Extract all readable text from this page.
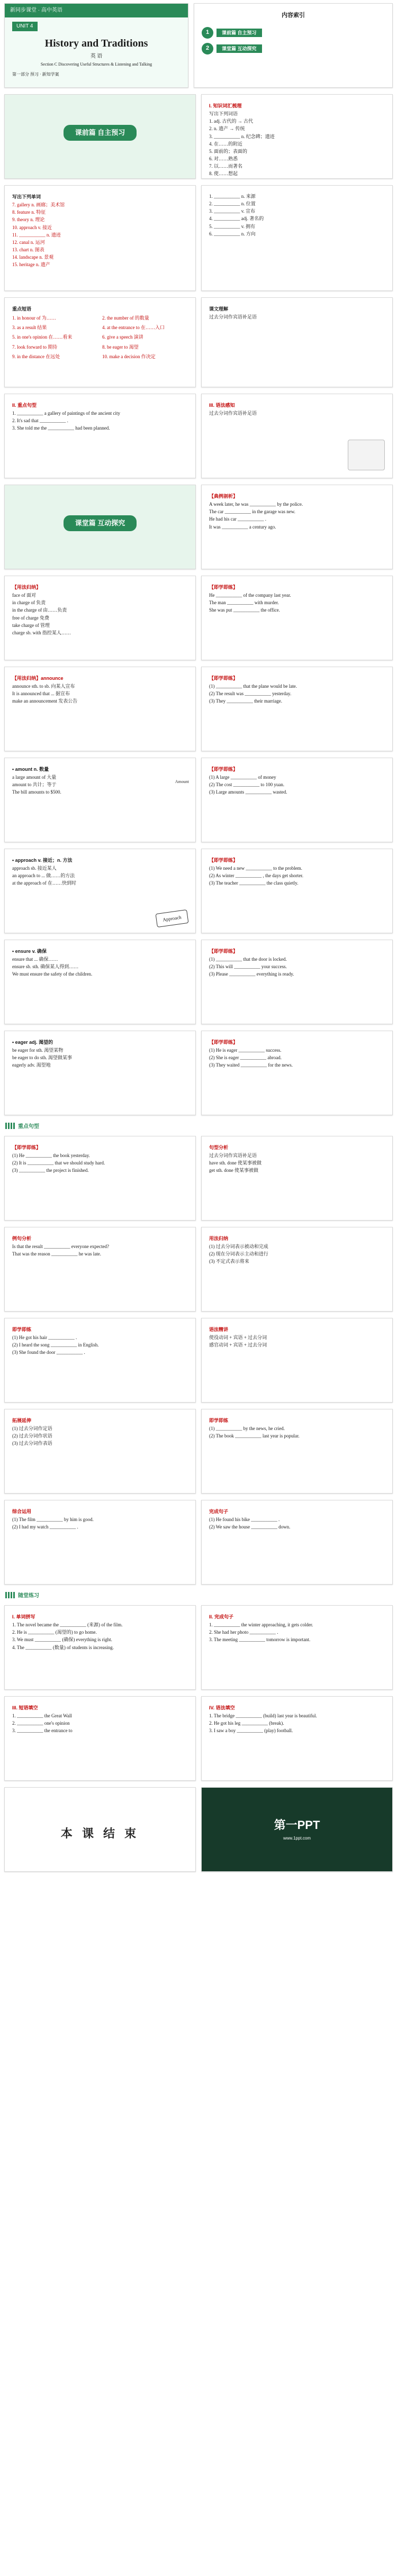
新同步课堂 · 高中英语
UNIT 4
History and Traditions
英 语
Section C Discovering Useful Structures & Listening and Talking
第一部分 预习 · 新知学案
内容索引
1	课前篇 自主预习
2	课堂篇 互动探究
课前篇 自主预习
I. 知识词汇梳理
写出下列词语
1. adj. 古代的 → 古代
2. n. 遗产 → 传统
3. ___________ n. 纪念碑；遗迹
4. 在……的附近
5. 面前的；表面的
6. 对……熟悉
7. 以……而著名
8. 使……想起
写出下列单词
7. gallery n. 画廊；美术馆
8. feature n. 特征
9. theory n. 理论
10. approach v. 接近
11. ___________ n. 遗迹
12. canal n. 运河
13. chart n. 图表
14. landscape n. 景观
15. heritage n. 遗产
1. ___________ n. 来源
2. ___________ n. 位置
3. ___________ v. 宣布
4. ___________ adj. 著名的
5. ___________ v. 拥有
6. ___________ n. 方向
重点短语
1. in honour of 为……	2. the number of 的数量
3. as a result 结果	4. at the entrance to 在……入口
5. in one's opinion 在……看来	6. give a speech 演讲
7. look forward to 期待	8. be eager to 渴望
9. in the distance 在远处	10. make a decision 作决定
课文理解
过去分词作宾语补足语
II. 重点句型
1. ___________ a gallery of paintings of the ancient city
2. It's sad that ___________ .
3. She told me the ___________ had been planned.
III. 语法感知
过去分词作宾语补足语
课堂篇 互动探究
【典例剖析】
A week later, he was ___________ by the police.
The car ___________ in the garage was new.
He had his car ___________ .
It was ___________ a century ago.
【用法归纳】
face of 面对
in charge of 负责
in the charge of 由……负责
free of charge 免费
take charge of 管理
charge sb. with 指控某人……
【即学即练】
He ___________ of the company last year.
The man ___________ with murder.
She was put ___________ the office.
【用法归纳】announce
announce sth. to sb. 向某人宣布
It is announced that ... 据宣布
make an announcement 发表公告
【即学即练】
(1) ___________ that the plane would be late.
(2) The result was ___________ yesterday.
(3) They ___________ their marriage.
• amount n. 数量
a large amount of 大量
amount to 共计；等于
The bill amounts to $500.
Amount
【即学即练】
(1) A large ___________ of money
(2) The cost ___________ to 100 yuan.
(3) Large amounts ___________ wasted.
• approach v. 接近；n. 方法
approach sb. 接近某人
an approach to ... 做……的方法
at the approach of 在……快到时
Approach
【即学即练】
(1) We need a new ___________ to the problem.
(2) As winter ___________ , the days get shorter.
(3) The teacher ___________ the class quietly.
• ensure v. 确保
ensure that ... 确保……
ensure sb. sth. 确保某人得到……
We must ensure the safety of the children.
【即学即练】
(1) ___________ that the door is locked.
(2) This will ___________ your success.
(3) Please ___________ everything is ready.
• eager adj. 渴望的
be eager for sth. 渴望某物
be eager to do sth. 渴望做某事
eagerly adv. 渴望地
【即学即练】
(1) He is eager ___________ success.
(2) She is eager ___________ abroad.
(3) They waited ___________ for the news.
重点句型
【即学即练】
(1) He ___________ the book yesterday.
(2) It is ___________ that we should study hard.
(3) ___________ the project is finished.
句型分析
过去分词作宾语补足语
have sth. done 使某事被做
get sth. done 使某事被做
例句分析
Is that the result ___________ everyone expected?
That was the reason ___________ he was late.
用法归纳
(1) 过去分词表示被动和完成
(2) 现在分词表示主动和进行
(3) 不定式表示将来
即学即练
(1) He got his hair ___________ .
(2) I heard the song ___________ in English.
(3) She found the door ___________ .
语法精讲
使役动词 + 宾语 + 过去分词
感官动词 + 宾语 + 过去分词
拓展延伸
(1) 过去分词作定语
(2) 过去分词作状语
(3) 过去分词作表语
即学即练
(1) ___________ by the news, he cried.
(2) The book ___________ last year is popular.
综合运用
(1) The film ___________ by him is good.
(2) I had my watch ___________ .
完成句子
(1) He found his bike ___________ .
(2) We saw the house ___________ down.
随堂练习
I. 单词拼写
1. The novel became the ___________ (来源) of the film.
2. He is ___________ (渴望的) to go home.
3. We must ___________ (确保) everything is right.
4. The ___________ (数量) of students is increasing.
II. 完成句子
1. ___________ the winter approaching, it gets colder.
2. She had her photo ___________ .
3. The meeting ___________ tomorrow is important.
III. 短语填空
1. ___________ the Great Wall
2. ___________ one's opinion
3. ___________ the entrance to
IV. 语法填空
1. The bridge ___________ (build) last year is beautiful.
2. He got his leg ___________ (break).
3. I saw a boy ___________ (play) football.
本 课 结 束
第一PPT
www.1ppt.com
